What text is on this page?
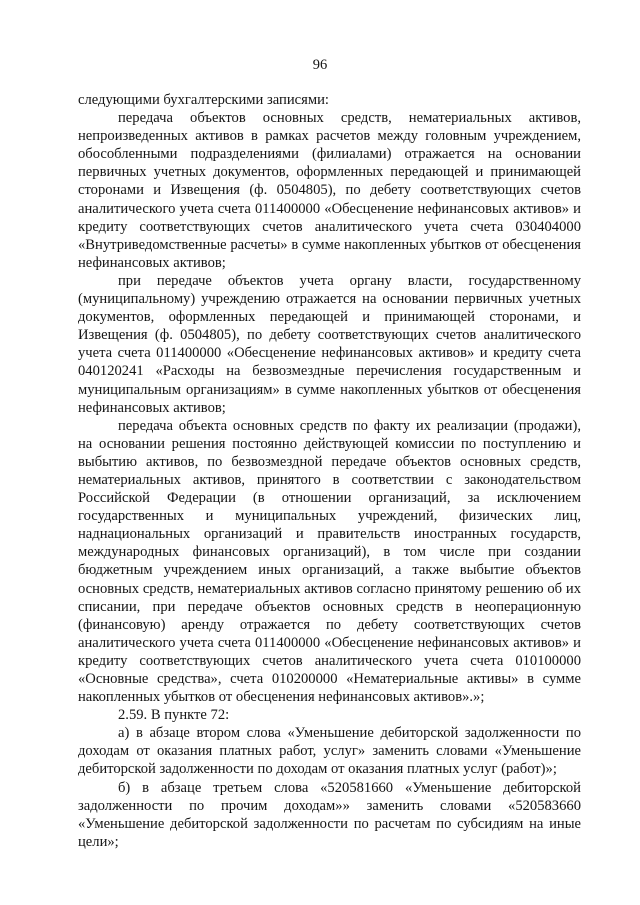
96

следующими бухгалтерскими записями:

передача объектов основных средств, нематериальных активов, непроизведенных активов в рамках расчетов между головным учреждением, обособленными подразделениями (филиалами) отражается на основании первичных учетных документов, оформленных передающей и принимающей сторонами и Извещения (ф. 0504805), по дебету соответствующих счетов аналитического учета счета 011400000 «Обесценение нефинансовых активов» и кредиту соответствующих счетов аналитического учета счета 030404000 «Внутриведомственные расчеты» в сумме накопленных убытков от обесценения нефинансовых активов;

при передаче объектов учета органу власти, государственному (муниципальному) учреждению отражается на основании первичных учетных документов, оформленных передающей и принимающей сторонами, и Извещения (ф. 0504805), по дебету соответствующих счетов аналитического учета счета 011400000 «Обесценение нефинансовых активов» и кредиту счета 040120241 «Расходы на безвозмездные перечисления государственным и муниципальным организациям» в сумме накопленных убытков от обесценения нефинансовых активов;

передача объекта основных средств по факту их реализации (продажи), на основании решения постоянно действующей комиссии по поступлению и выбытию активов, по безвозмездной передаче объектов основных средств, нематериальных активов, принятого в соответствии с законодательством Российской Федерации (в отношении организаций, за исключением государственных и муниципальных учреждений, физических лиц, наднациональных организаций и правительств иностранных государств, международных финансовых организаций), в том числе при создании бюджетным учреждением иных организаций, а также выбытие объектов основных средств, нематериальных активов согласно принятому решению об их списании, при передаче объектов основных средств в неоперационную (финансовую) аренду отражается по дебету соответствующих счетов аналитического учета счета 011400000 «Обесценение нефинансовых активов» и кредиту соответствующих счетов аналитического учета счета 010100000 «Основные средства», счета 010200000 «Нематериальные активы» в сумме накопленных убытков от обесценения нефинансовых активов».»;

2.59. В пункте 72:

а) в абзаце втором слова «Уменьшение дебиторской задолженности по доходам от оказания платных работ, услуг» заменить словами «Уменьшение дебиторской задолженности по доходам от оказания платных услуг (работ)»;

б) в абзаце третьем слова «520581660 «Уменьшение дебиторской задолженности по прочим доходам»» заменить словами «520583660 «Уменьшение дебиторской задолженности по расчетам по субсидиям на иные цели»;
